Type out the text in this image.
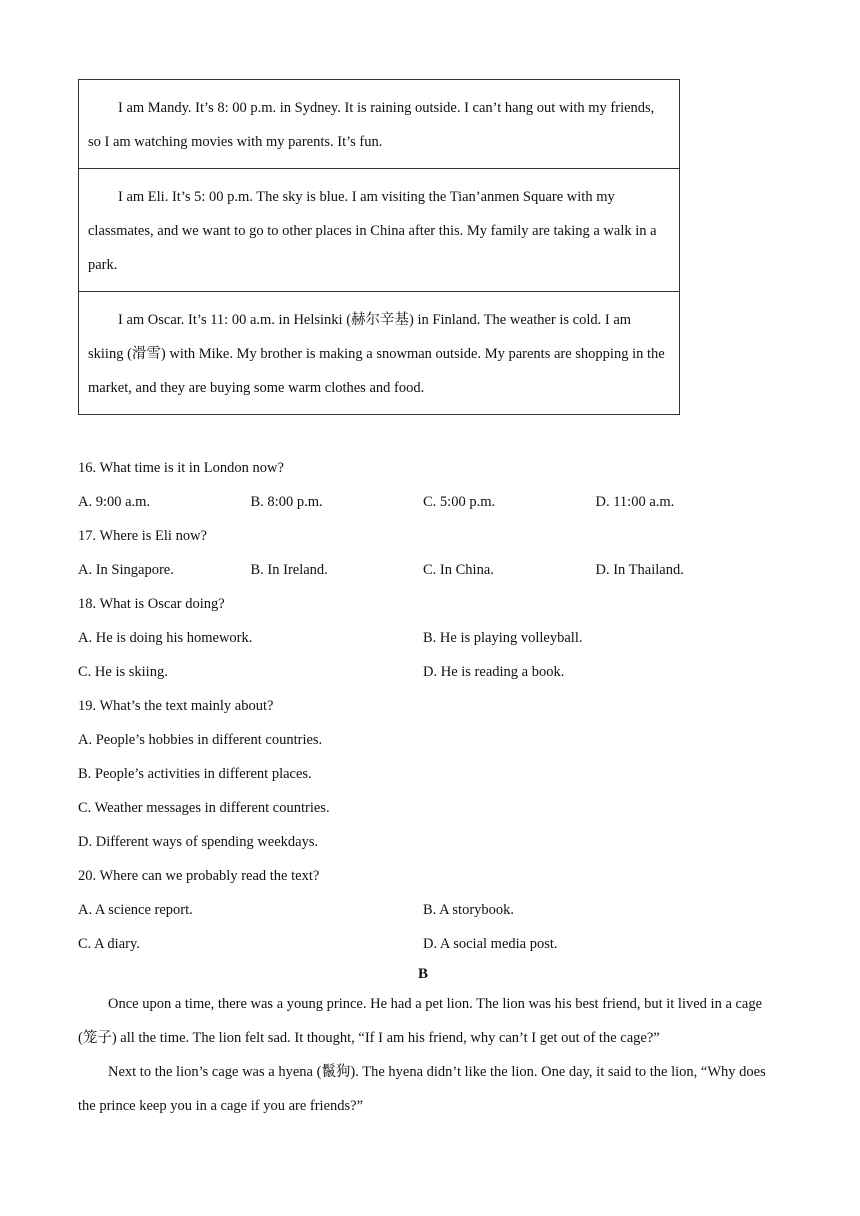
I am Mandy. It’s 8: 00 p.m. in Sydney. It is raining outside. I can’t hang out with my friends, so I am watching movies with my parents. It’s fun.
I am Eli. It’s 5: 00 p.m. The sky is blue. I am visiting the Tian’anmen Square with my classmates, and we want to go to other places in China after this. My family are taking a walk in a park.
I am Oscar. It’s 11: 00 a.m. in Helsinki (赫尔辛基) in Finland. The weather is cold. I am skiing (滑雪) with Mike. My brother is making a snowman outside. My parents are shopping in the market, and they are buying some warm clothes and food.
16. What time is it in London now?
A. 9:00 a.m.	B. 8:00 p.m.	C. 5:00 p.m.	D. 11:00 a.m.
17. Where is Eli now?
A. In Singapore.	B. In Ireland.	C. In China.	D. In Thailand.
18. What is Oscar doing?
A. He is doing his homework.	B. He is playing volleyball.
C. He is skiing.	D. He is reading a book.
19. What’s the text mainly about?
A. People’s hobbies in different countries.
B. People’s activities in different places.
C. Weather messages in different countries.
D. Different ways of spending weekdays.
20. Where can we probably read the text?
A. A science report.	B. A storybook.
C. A diary.	D. A social media post.
B
Once upon a time, there was a young prince. He had a pet lion. The lion was his best friend, but it lived in a cage (笼子) all the time. The lion felt sad. It thought, “If I am his friend, why can’t I get out of the cage?”
Next to the lion’s cage was a hyena (鬣狗). The hyena didn’t like the lion. One day, it said to the lion, “Why does the prince keep you in a cage if you are friends?”
